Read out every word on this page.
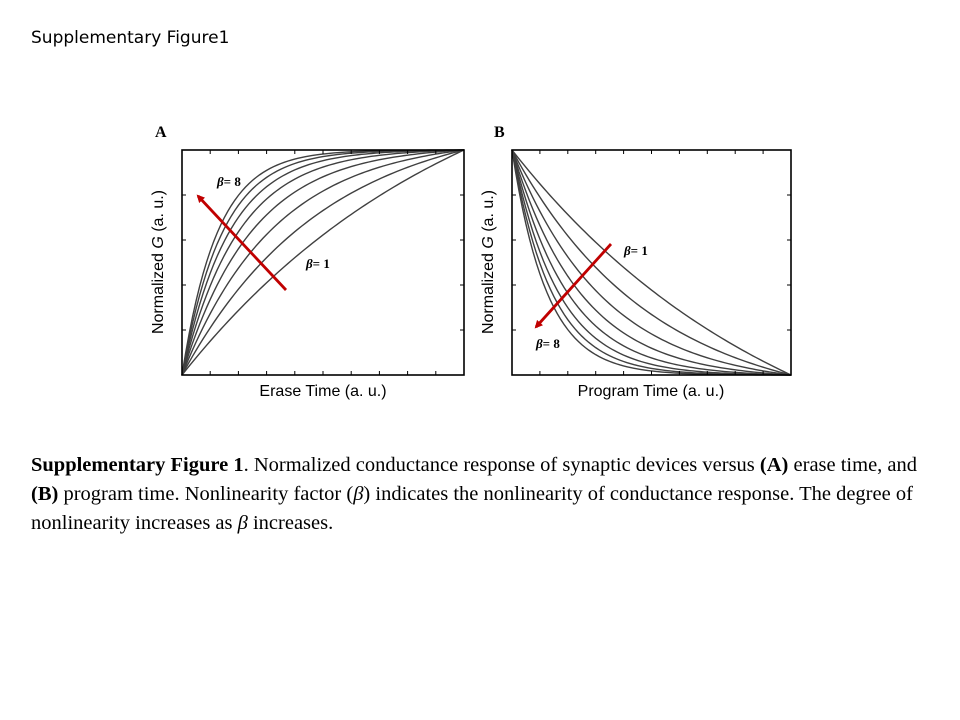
Supplementary Figure1
A	B
β= 8
β= 1
Erase Time (a. u.)
Normalized G (a. u.)
β= 1
β= 8
Program Time (a. u.)
Normalized G (a. u.)
Supplementary Figure 1. Normalized conductance response of synaptic devices versus (A) erase time, and (B) program time. Nonlinearity factor (β) indicates the nonlinearity of conductance response. The degree of nonlinearity increases as β increases.
